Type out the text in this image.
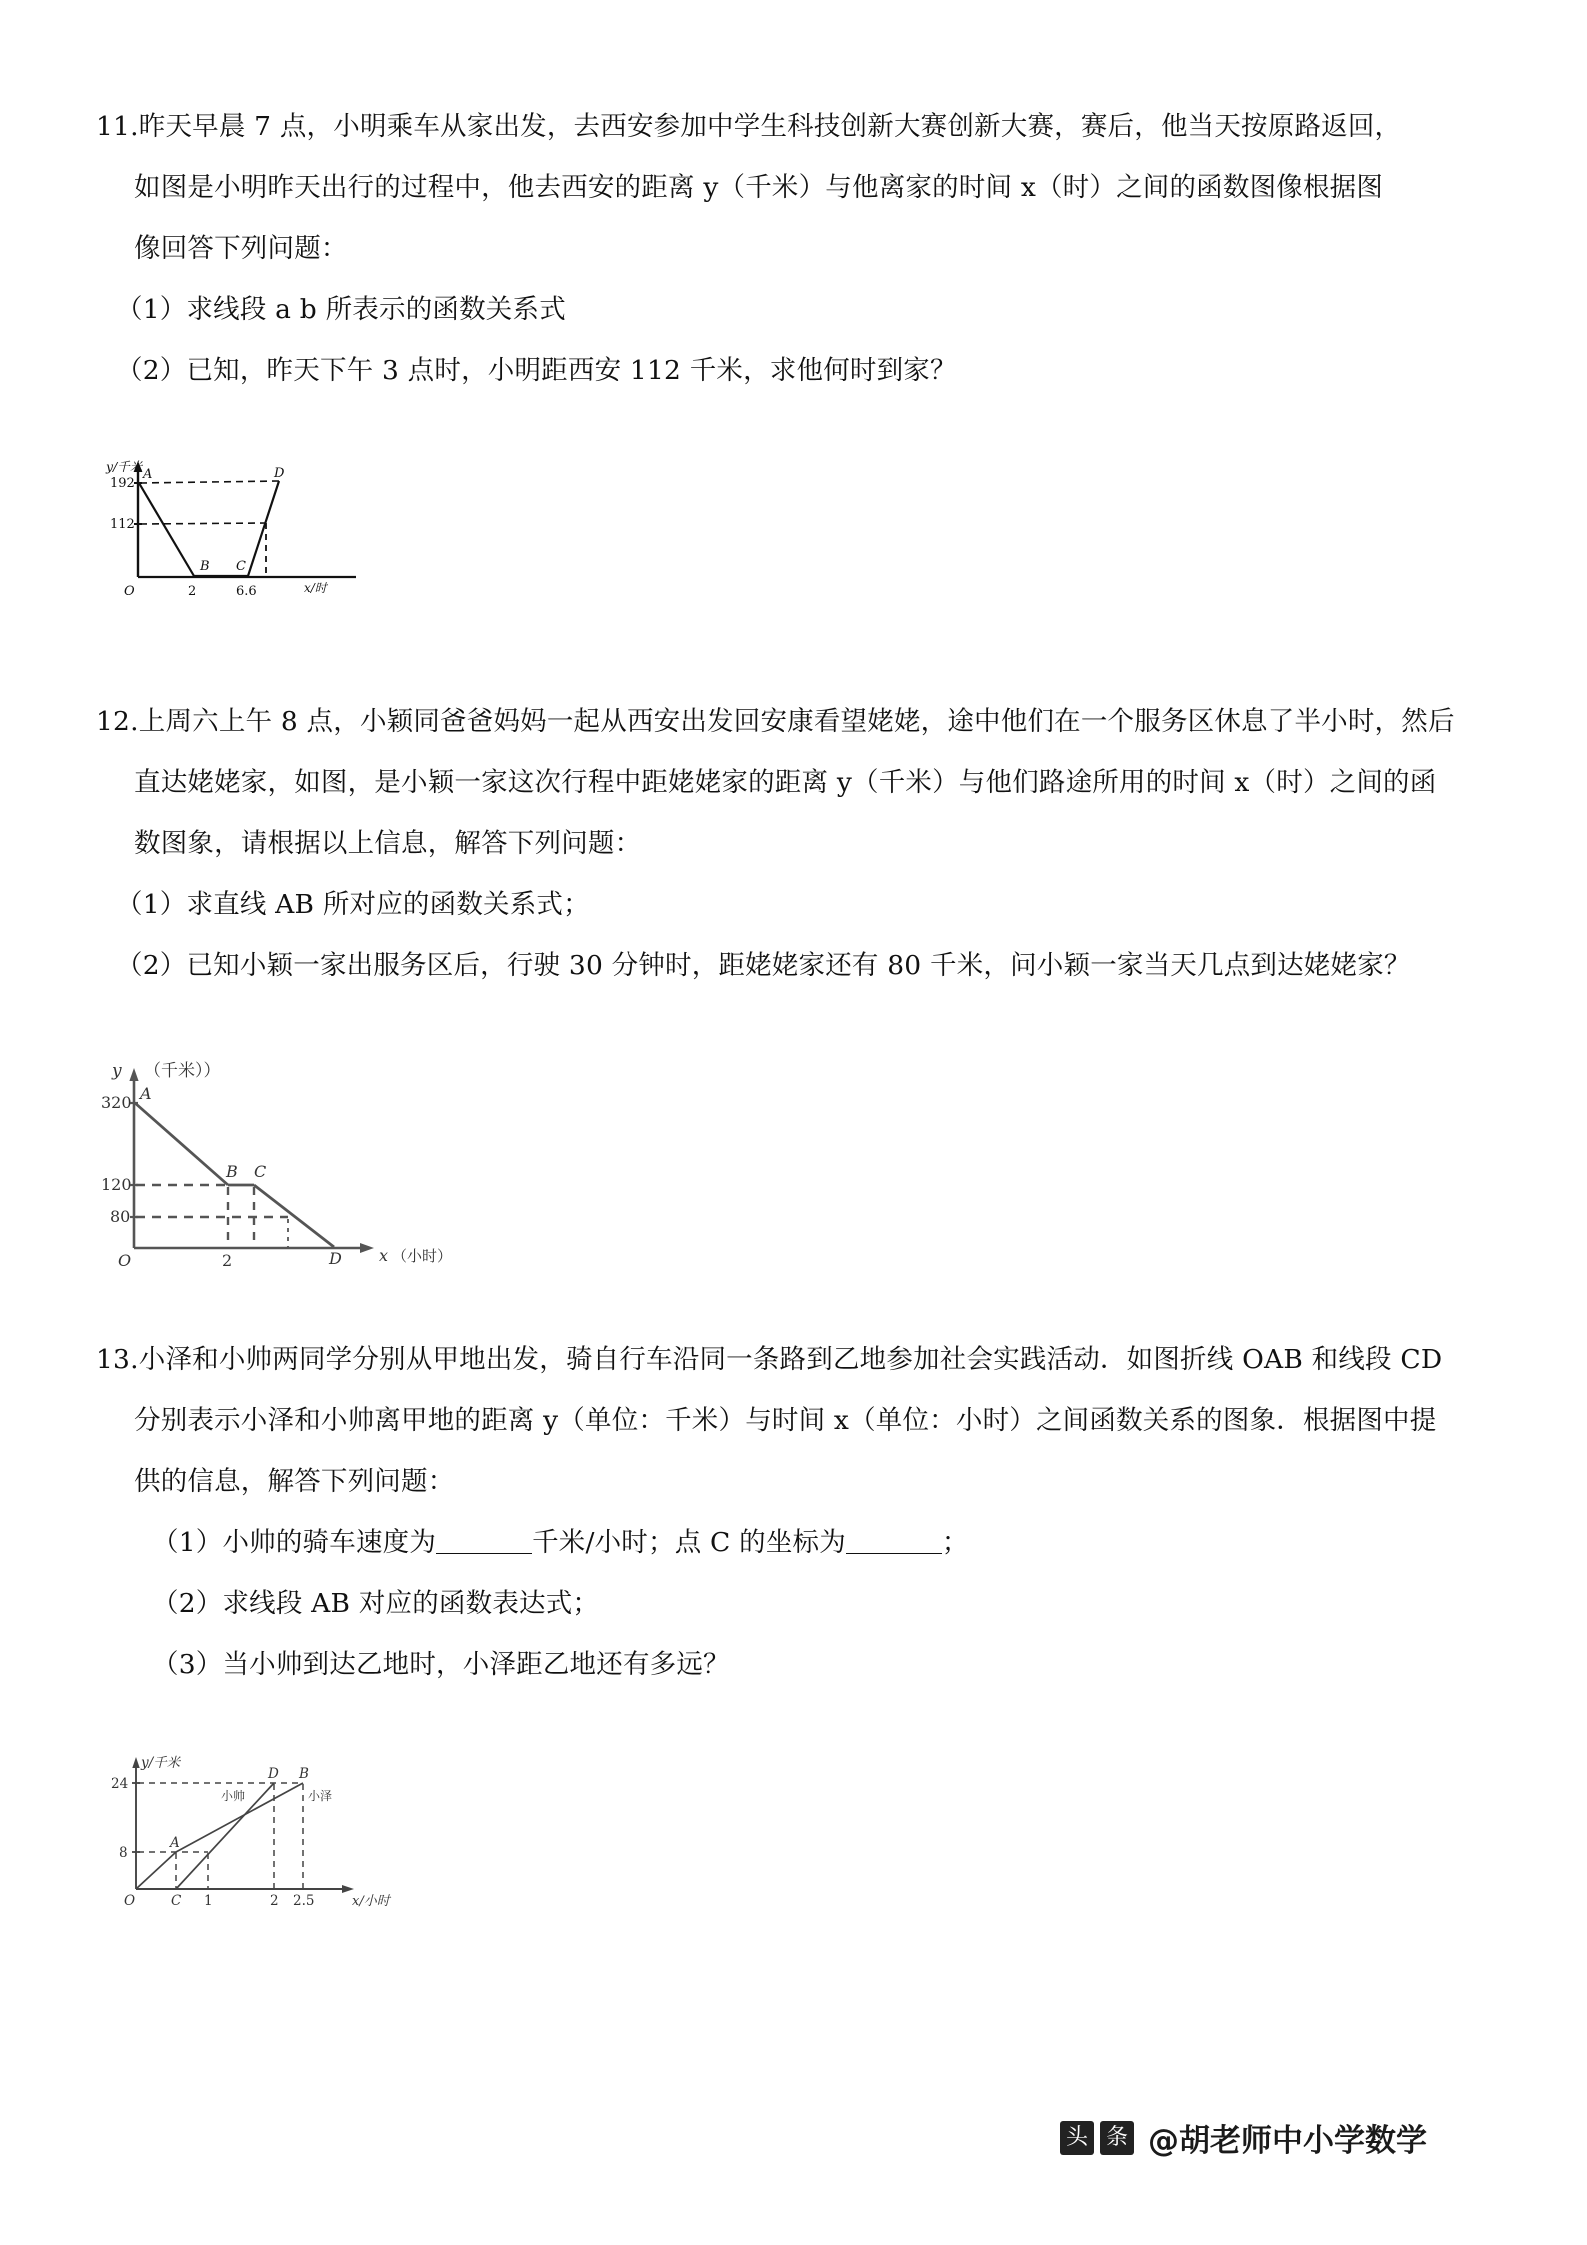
11.昨天早晨 7 点，小明乘车从家出发，去西安参加中学生科技创新大赛创新大赛，赛后，他当天按原路返回，
如图是小明昨天出行的过程中，他去西安的距离 y（千米）与他离家的时间 x（时）之间的函数图像根据图
像回答下列问题：
（1）求线段 a b 所表示的函数关系式
（2）已知，昨天下午 3 点时，小明距西安 112 千米，求他何时到家？
y/千米
x/时
192
112
A
B C
D
O	2	6.6
12.上周六上午 8 点，小颖同爸爸妈妈一起从西安出发回安康看望姥姥，途中他们在一个服务区休息了半小时，然后
直达姥姥家，如图，是小颖一家这次行程中距姥姥家的距离 y（千米）与他们路途所用的时间 x（时）之间的函
数图象，请根据以上信息，解答下列问题：
（1）求直线 AB 所对应的函数关系式；
（2）已知小颖一家出服务区后，行驶 30 分钟时，距姥姥家还有 80 千米，问小颖一家当天几点到达姥姥家？
y （千米））
x （小时）
320
120
80
A
B C
D
O	2
13.小泽和小帅两同学分别从甲地出发，骑自行车沿同一条路到乙地参加社会实践活动．如图折线 OAB 和线段 CD
分别表示小泽和小帅离甲地的距离 y（单位：千米）与时间 x（单位：小时）之间函数关系的图象．根据图中提
供的信息，解答下列问题：
（1）小帅的骑车速度为	千米/小时；点 C 的坐标为	；
（2）求线段 AB 对应的函数表达式；
（3）当小帅到达乙地时，小泽距乙地还有多远？
y/千米
x/小时
24
8
A
D B
小帅	小泽
O	C 1	2 2.5
头 条 @胡老师中小学数学
